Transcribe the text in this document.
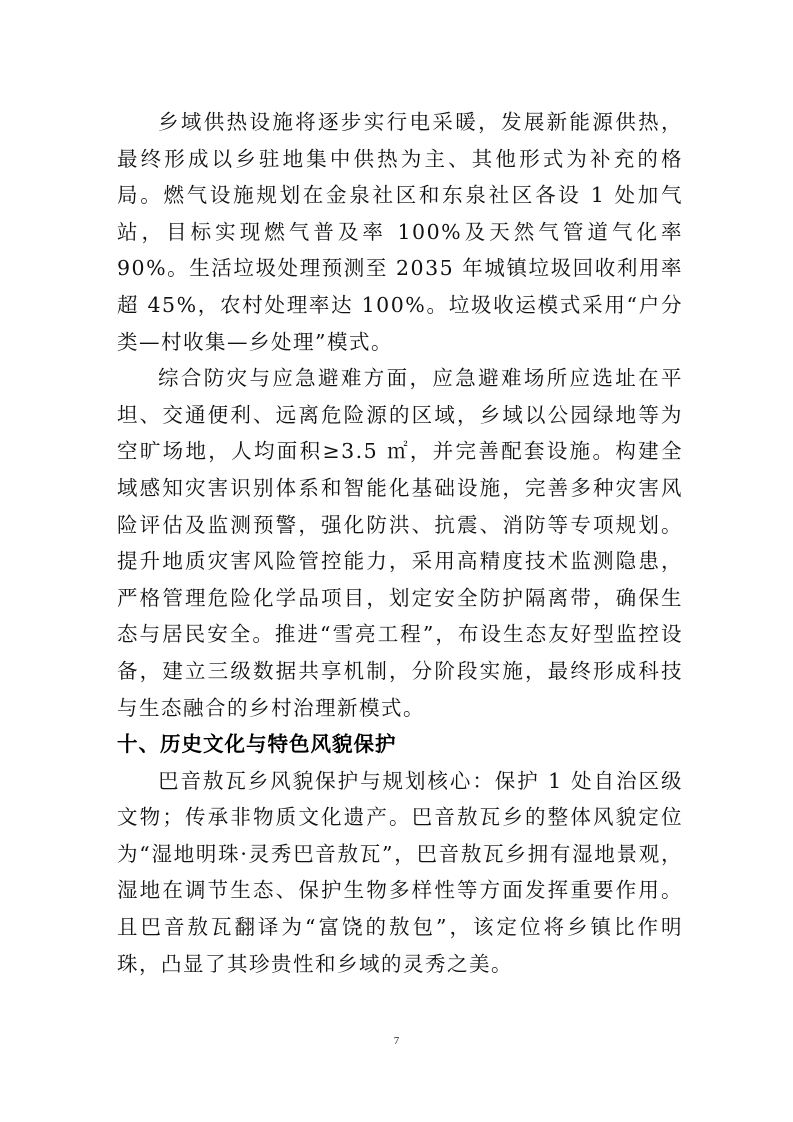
乡域供热设施将逐步实行电采暖，发展新能源供热，最终形成以乡驻地集中供热为主、其他形式为补充的格局。燃气设施规划在金泉社区和东泉社区各设 1 处加气站，目标实现燃气普及率 100%及天然气管道气化率 90%。生活垃圾处理预测至 2035 年城镇垃圾回收利用率超 45%，农村处理率达 100%。垃圾收运模式采用“户分类—村收集—乡处理”模式。

综合防灾与应急避难方面，应急避难场所应选址在平坦、交通便利、远离危险源的区域，乡域以公园绿地等为空旷场地，人均面积≥3.5 ㎡，并完善配套设施。构建全域感知灾害识别体系和智能化基础设施，完善多种灾害风险评估及监测预警，强化防洪、抗震、消防等专项规划。提升地质灾害风险管控能力，采用高精度技术监测隐患，严格管理危险化学品项目，划定安全防护隔离带，确保生态与居民安全。推进“雪亮工程”，布设生态友好型监控设备，建立三级数据共享机制，分阶段实施，最终形成科技与生态融合的乡村治理新模式。

十、历史文化与特色风貌保护

巴音敖瓦乡风貌保护与规划核心：保护 1 处自治区级文物；传承非物质文化遗产。巴音敖瓦乡的整体风貌定位为“湿地明珠·灵秀巴音敖瓦”，巴音敖瓦乡拥有湿地景观，湿地在调节生态、保护生物多样性等方面发挥重要作用。且巴音敖瓦翻译为“富饶的敖包”，该定位将乡镇比作明珠，凸显了其珍贵性和乡域的灵秀之美。

7
